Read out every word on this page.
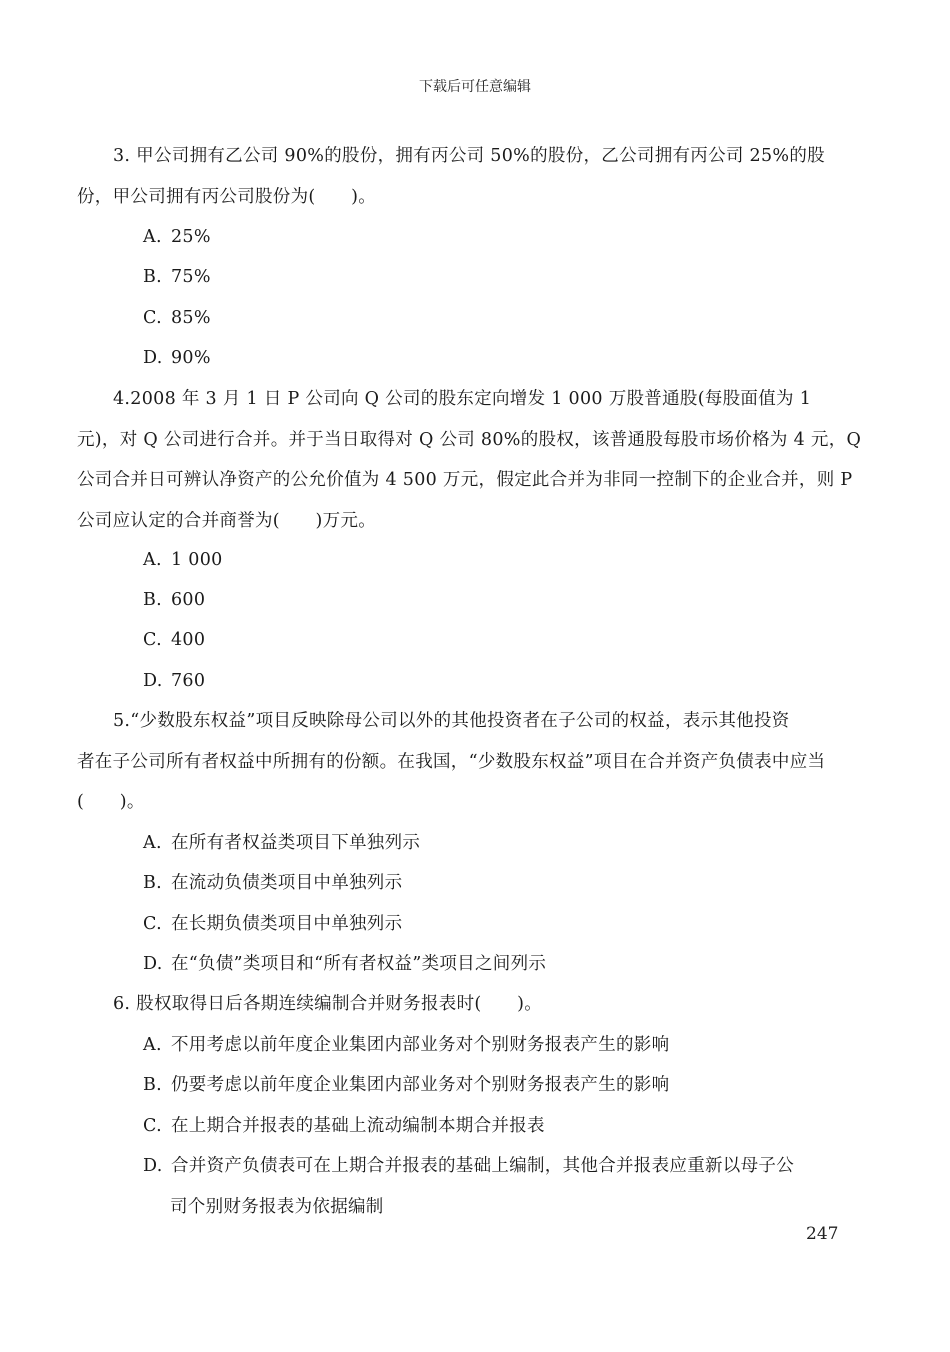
下载后可任意编辑
3. 甲公司拥有乙公司 90%的股份，拥有丙公司 50%的股份，乙公司拥有丙公司 25%的股
份，甲公司拥有丙公司股份为(　　)。
A. 25%
B. 75%
C. 85%
D. 90%
4.2008 年 3 月 1 日 P 公司向 Q 公司的股东定向增发 1 000 万股普通股(每股面值为 1
元)，对 Q 公司进行合并。并于当日取得对 Q 公司 80%的股权，该普通股每股市场价格为 4 元，Q 公司合并日可辨认净资产的公允价值为 4 500 万元，假定此合并为非同一控制下的企业合并，则 P 公司应认定的合并商誉为(　　)万元。
A. 1 000
B. 600
C. 400
D. 760
5.“少数股东权益”项目反映除母公司以外的其他投资者在子公司的权益，表示其他投资
者在子公司所有者权益中所拥有的份额。在我国，“少数股东权益”项目在合并资产负债表中应当(　　)。
A. 在所有者权益类项目下单独列示
B. 在流动负债类项目中单独列示
C. 在长期负债类项目中单独列示
D. 在“负债”类项目和“所有者权益”类项目之间列示
6. 股权取得日后各期连续编制合并财务报表时(　　)。
A. 不用考虑以前年度企业集团内部业务对个别财务报表产生的影响
B. 仍要考虑以前年度企业集团内部业务对个别财务报表产生的影响
C. 在上期合并报表的基础上流动编制本期合并报表
D. 合并资产负债表可在上期合并报表的基础上编制，其他合并报表应重新以母子公
司个别财务报表为依据编制
247
